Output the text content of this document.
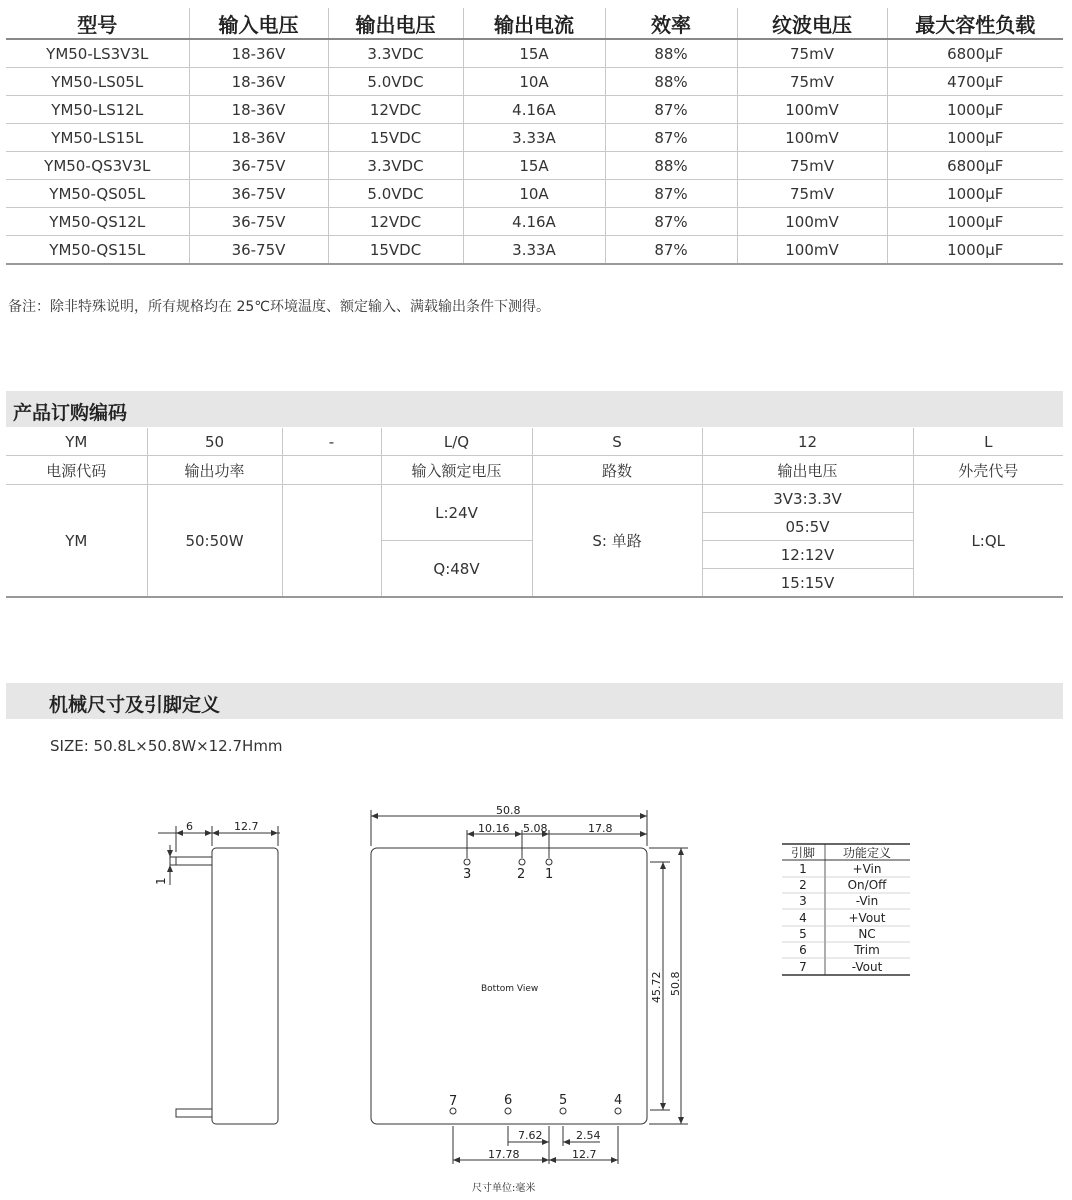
型号	输入电压	输出电压	输出电流	效率	纹波电压	最大容性负载
YM50-LS3V3L	18-36V	3.3VDC	15A	88%	75mV	6800μF
YM50-LS05L	18-36V	5.0VDC	10A	88%	75mV	4700μF
YM50-LS12L	18-36V	12VDC	4.16A	87%	100mV	1000μF
YM50-LS15L	18-36V	15VDC	3.33A	87%	100mV	1000μF
YM50-QS3V3L	36-75V	3.3VDC	15A	88%	75mV	6800μF
YM50-QS05L	36-75V	5.0VDC	10A	87%	75mV	1000μF
YM50-QS12L	36-75V	12VDC	4.16A	87%	100mV	1000μF
YM50-QS15L	36-75V	15VDC	3.33A	87%	100mV	1000μF
备注：除非特殊说明，所有规格均在 25℃环境温度、额定输入、满载输出条件下测得。
产品订购编码
YM	50	-	L/Q	S	12	L
电源代码	输出功率		输入额定电压	路数	输出电压	外壳代号
YM	50:50W		L:24V	S: 单路	3V3:3.3V	L:QL
					05:5V	
			Q:48V		12:12V	
					15:15V	
机械尺寸及引脚定义
SIZE: 50.8L×50.8W×12.7Hmm
6	12.7
1
50.8
10.16 5.08	17.8
7.62	2.54
17.78	12.7
45.72 50.8
Bottom View
3	2 1
7	6	5	4
尺寸单位:毫米
引脚 功能定义
1	+Vin
2	On/Off
3	-Vin
4	+Vout
5	NC
6	Trim
7	-Vout
